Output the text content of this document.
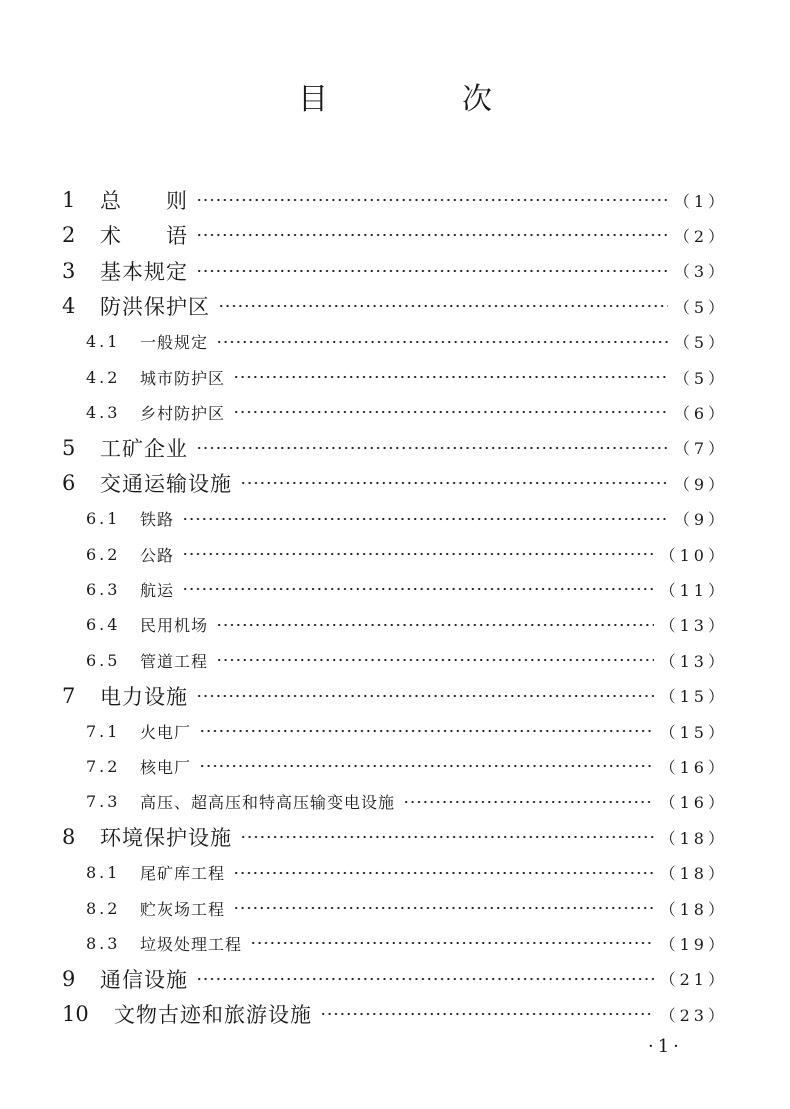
目　次
1	总　　则	（1）
2	术　　语	（2）
3	基本规定	（3）
4	防洪保护区	（5）
4.1	一般规定	（5）
4.2	城市防护区	（5）
4.3	乡村防护区	（6）
5	工矿企业	（7）
6	交通运输设施	（9）
6.1	铁路	（9）
6.2	公路	（10）
6.3	航运	（11）
6.4	民用机场	（13）
6.5	管道工程	（13）
7	电力设施	（15）
7.1	火电厂	（15）
7.2	核电厂	（16）
7.3	高压、超高压和特高压输变电设施	（16）
8	环境保护设施	（18）
8.1	尾矿库工程	（18）
8.2	贮灰场工程	（18）
8.3	垃圾处理工程	（19）
9	通信设施	（21）
10	文物古迹和旅游设施	（23）
·1·
